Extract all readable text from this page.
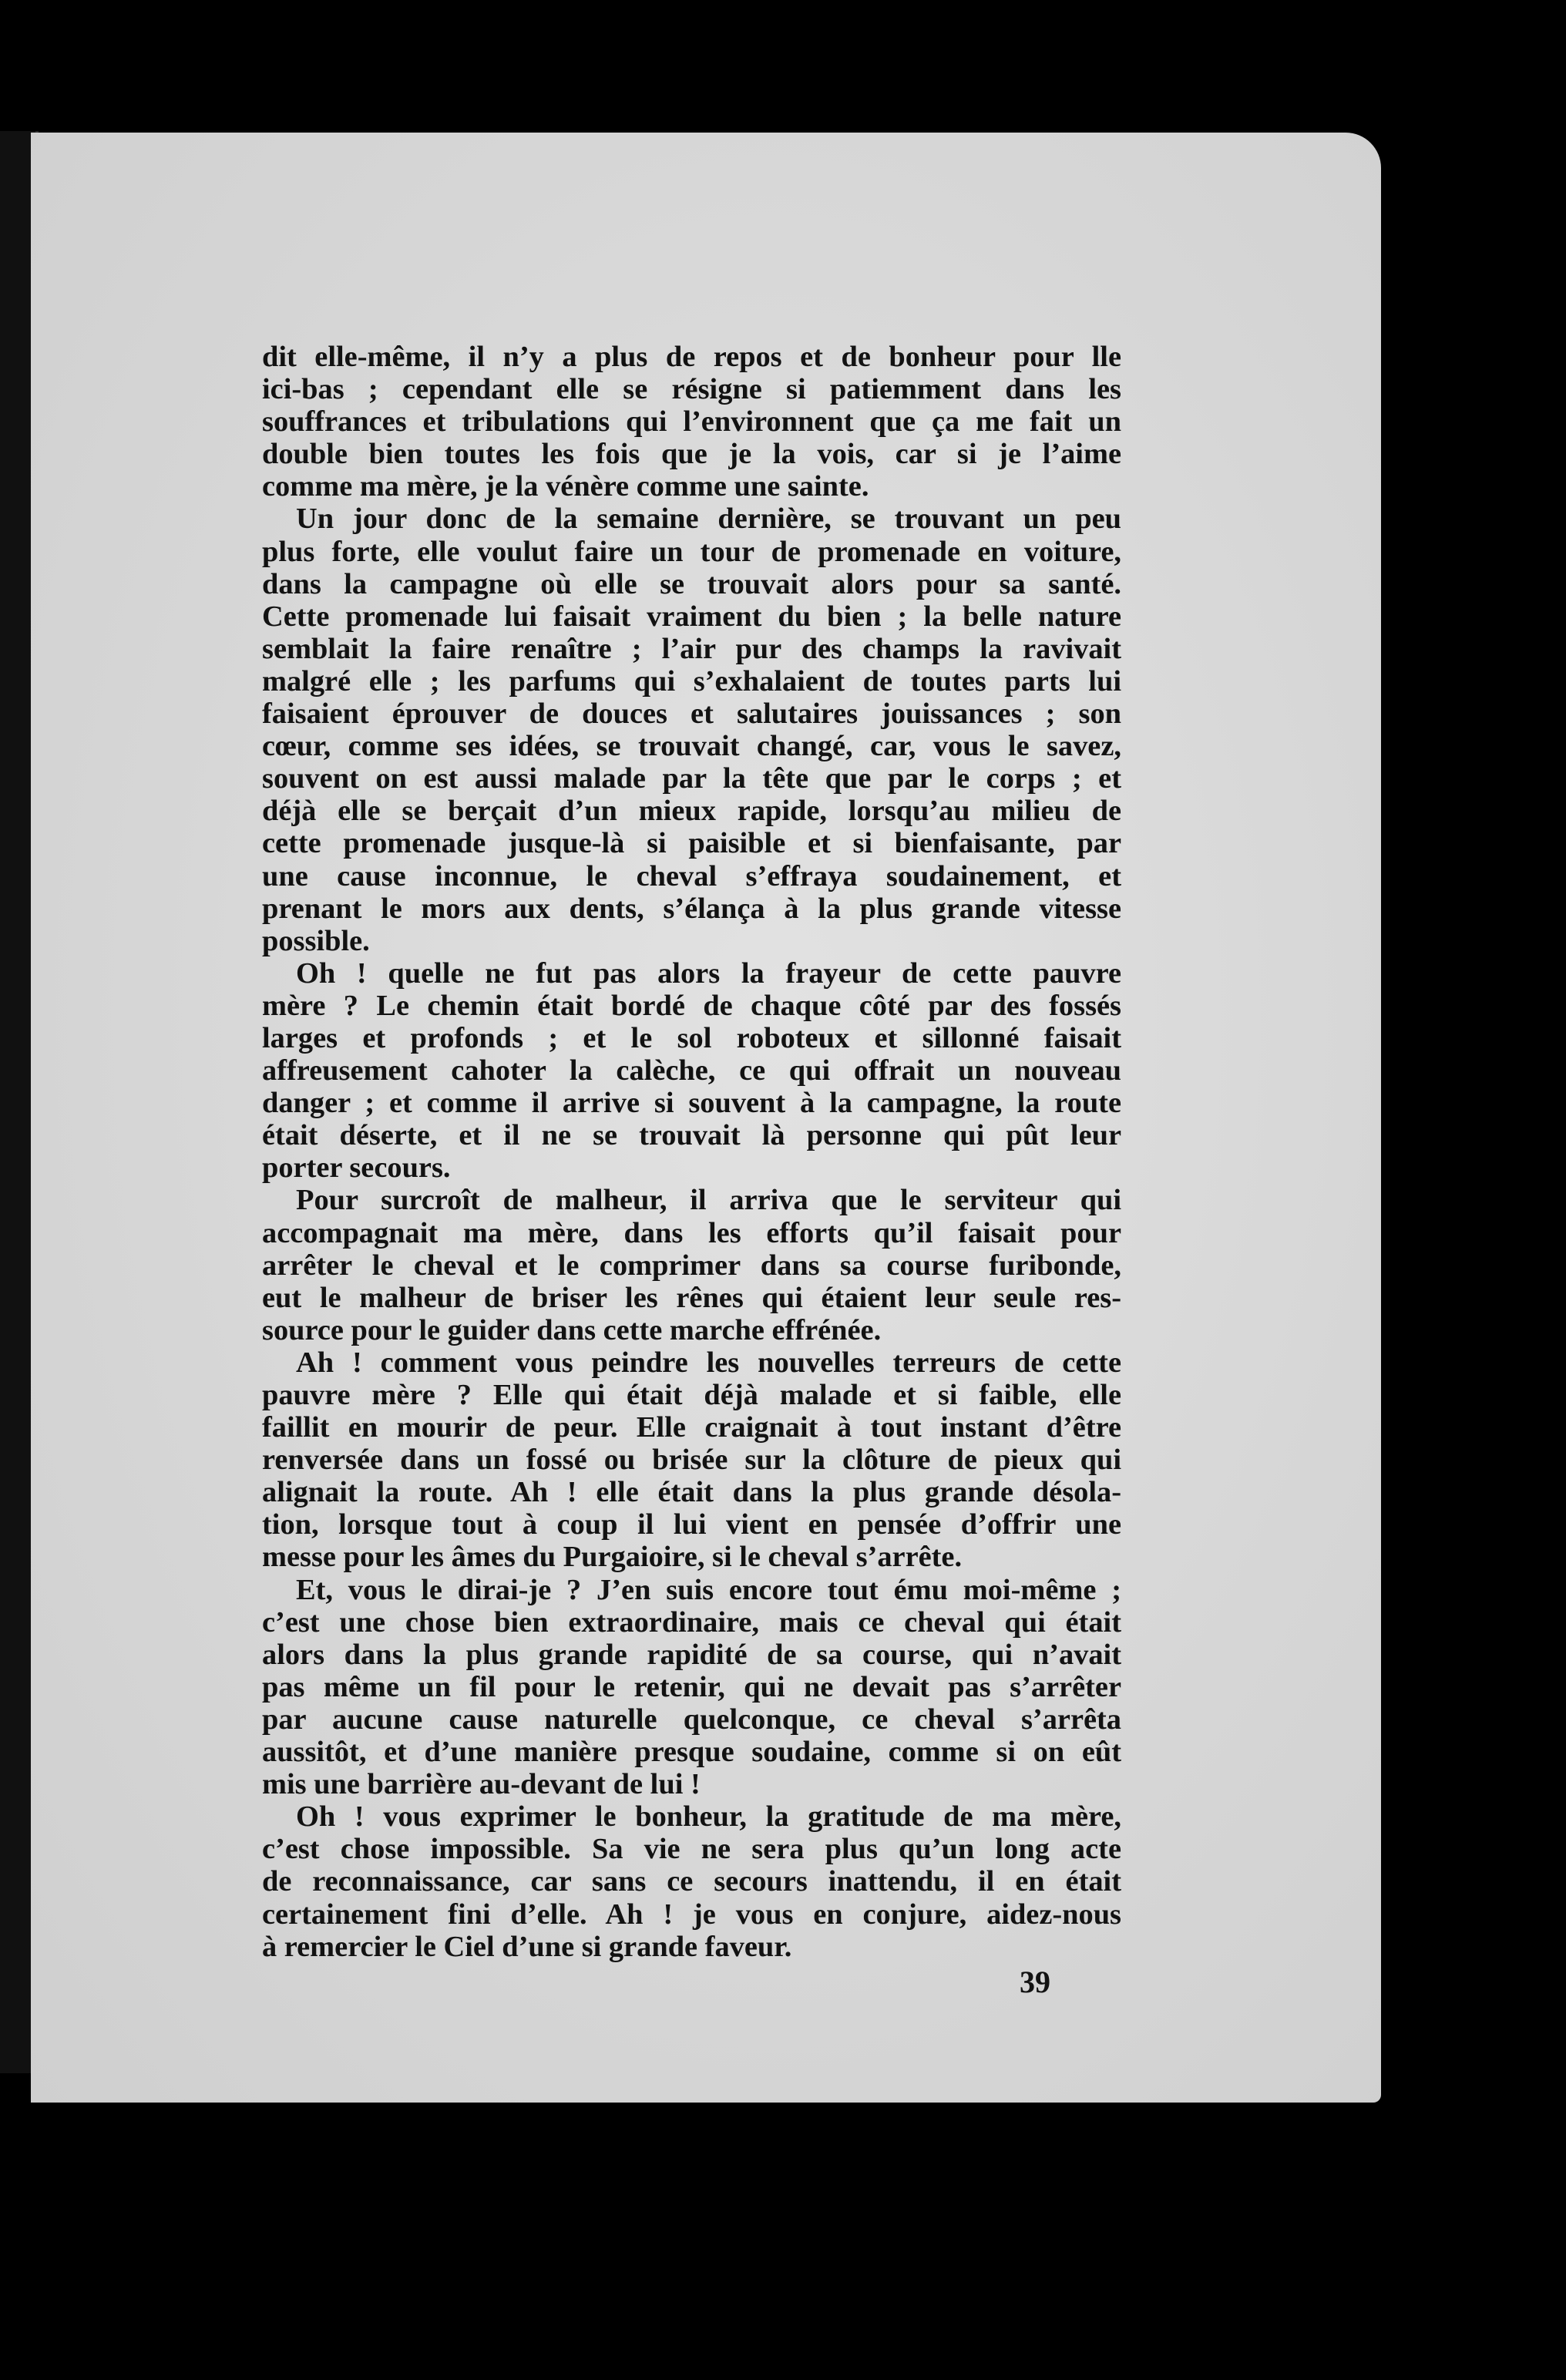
dit elle-même, il n’y a plus de repos et de bonheur pour lle
ici-bas ; cependant elle se résigne si patiemment dans les
souffrances et tribulations qui l’environnent que ça me fait un
double bien toutes les fois que je la vois, car si je l’aime
comme ma mère, je la vénère comme une sainte.
Un jour donc de la semaine dernière, se trouvant un peu
plus forte, elle voulut faire un tour de promenade en voiture,
dans la campagne où elle se trouvait alors pour sa santé.
Cette promenade lui faisait vraiment du bien ; la belle nature
semblait la faire renaître ; l’air pur des champs la ravivait
malgré elle ; les parfums qui s’exhalaient de toutes parts lui
faisaient éprouver de douces et salutaires jouissances ; son
cœur, comme ses idées, se trouvait changé, car, vous le savez,
souvent on est aussi malade par la tête que par le corps ; et
déjà elle se berçait d’un mieux rapide, lorsqu’au milieu de
cette promenade jusque-là si paisible et si bienfaisante, par
une cause inconnue, le cheval s’effraya soudainement, et
prenant le mors aux dents, s’élança à la plus grande vitesse
possible.
Oh ! quelle ne fut pas alors la frayeur de cette pauvre
mère ? Le chemin était bordé de chaque côté par des fossés
larges et profonds ; et le sol roboteux et sillonné faisait
affreusement cahoter la calèche, ce qui offrait un nouveau
danger ; et comme il arrive si souvent à la campagne, la route
était déserte, et il ne se trouvait là personne qui pût leur
porter secours.
Pour surcroît de malheur, il arriva que le serviteur qui
accompagnait ma mère, dans les efforts qu’il faisait pour
arrêter le cheval et le comprimer dans sa course furibonde,
eut le malheur de briser les rênes qui étaient leur seule res-
source pour le guider dans cette marche effrénée.
Ah ! comment vous peindre les nouvelles terreurs de cette
pauvre mère ? Elle qui était déjà malade et si faible, elle
faillit en mourir de peur. Elle craignait à tout instant d’être
renversée dans un fossé ou brisée sur la clôture de pieux qui
alignait la route. Ah ! elle était dans la plus grande désola-
tion, lorsque tout à coup il lui vient en pensée d’offrir une
messe pour les âmes du Purgaioire, si le cheval s’arrête.
Et, vous le dirai-je ? J’en suis encore tout ému moi-même ;
c’est une chose bien extraordinaire, mais ce cheval qui était
alors dans la plus grande rapidité de sa course, qui n’avait
pas même un fil pour le retenir, qui ne devait pas s’arrêter
par aucune cause naturelle quelconque, ce cheval s’arrêta
aussitôt, et d’une manière presque soudaine, comme si on eût
mis une barrière au-devant de lui !
Oh ! vous exprimer le bonheur, la gratitude de ma mère,
c’est chose impossible. Sa vie ne sera plus qu’un long acte
de reconnaissance, car sans ce secours inattendu, il en était
certainement fini d’elle. Ah ! je vous en conjure, aidez-nous
à remercier le Ciel d’une si grande faveur.
39
